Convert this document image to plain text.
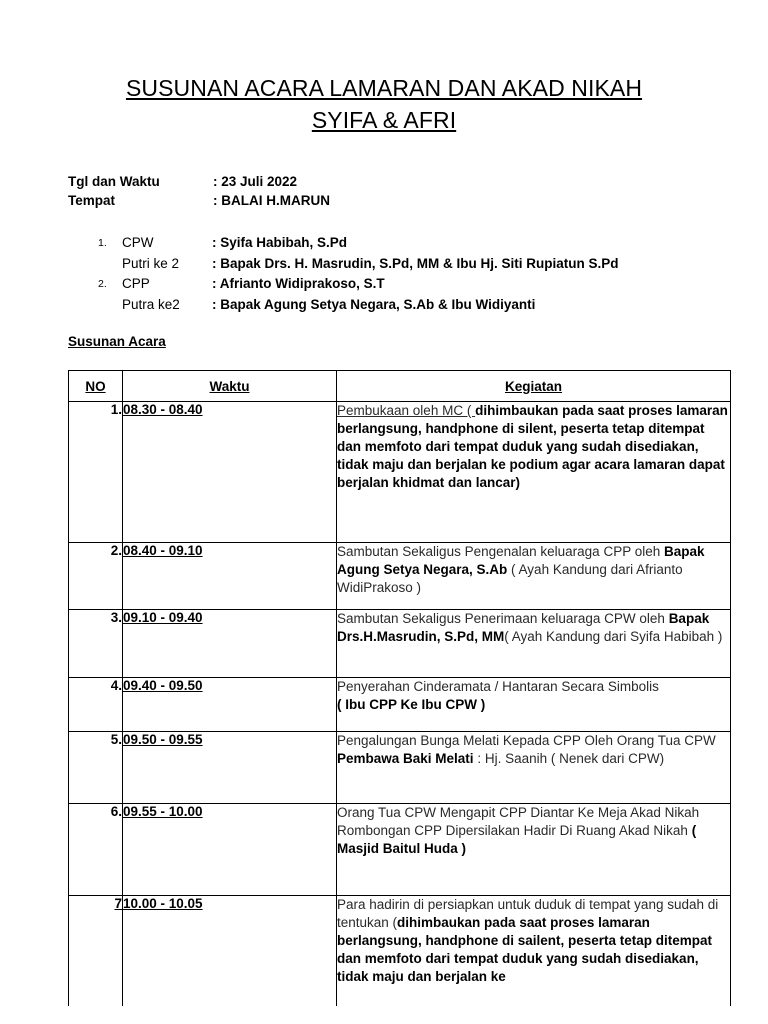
SUSUNAN ACARA LAMARAN DAN AKAD NIKAH
SYIFA & AFRI
Tgl dan Waktu	: 23 Juli 2022
Tempat	: BALAI H.MARUN
1.	CPW	: Syifa Habibah, S.Pd
Putri ke 2	: Bapak Drs. H. Masrudin, S.Pd, MM & Ibu Hj. Siti Rupiatun S.Pd
2.	CPP	: Afrianto Widiprakoso, S.T
Putra ke2	: Bapak Agung Setya Negara, S.Ab & Ibu Widiyanti
Susunan Acara
NO	Waktu	Kegiatan
1.	08.30 - 08.40	Pembukaan oleh MC ( dihimbaukan pada saat proses lamaran berlangsung, handphone di silent, peserta tetap ditempat dan memfoto dari tempat duduk yang sudah disediakan, tidak maju dan berjalan ke podium agar acara lamaran dapat berjalan khidmat dan lancar)
2.	08.40 - 09.10	Sambutan Sekaligus Pengenalan keluaraga CPP oleh Bapak Agung Setya Negara, S.Ab ( Ayah Kandung dari Afrianto WidiPrakoso )
3.	09.10 - 09.40	Sambutan Sekaligus Penerimaan keluaraga CPW oleh Bapak Drs.H.Masrudin, S.Pd, MM( Ayah Kandung dari Syifa Habibah )
4.	09.40 - 09.50	Penyerahan Cinderamata / Hantaran Secara Simbolis
( Ibu CPP Ke Ibu CPW )
5.	09.50 - 09.55	Pengalungan Bunga Melati Kepada CPP Oleh Orang Tua CPW
Pembawa Baki Melati : Hj. Saanih ( Nenek dari CPW)
6.	09.55 - 10.00	Orang Tua CPW Mengapit CPP Diantar Ke Meja Akad Nikah
Rombongan CPP Dipersilakan Hadir Di Ruang Akad Nikah ( Masjid Baitul Huda )
7	10.00 - 10.05	Para hadirin di persiapkan untuk duduk di tempat yang sudah di tentukan (dihimbaukan pada saat proses lamaran berlangsung, handphone di sailent, peserta tetap ditempat dan memfoto dari tempat duduk yang sudah disediakan, tidak maju dan berjalan ke
